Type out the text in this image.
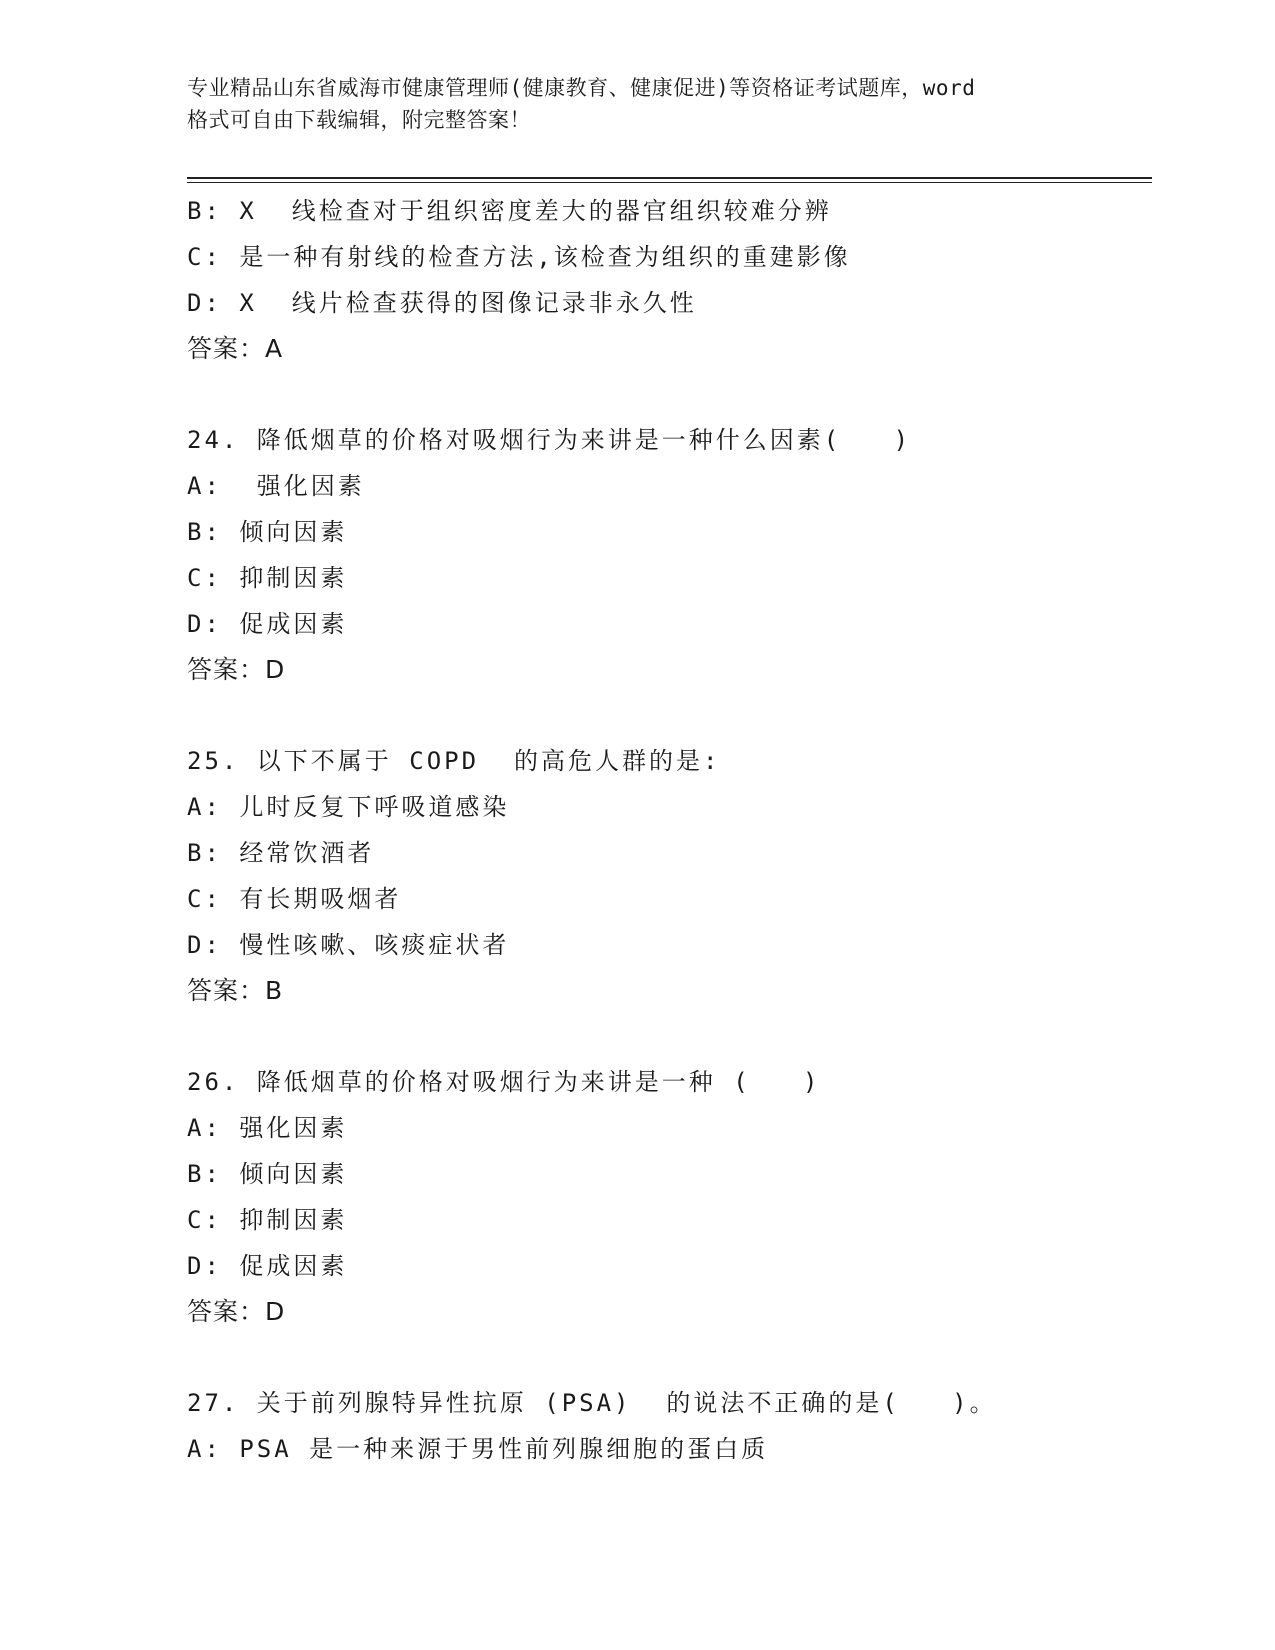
专业精品山东省威海市健康管理师(健康教育、健康促进)等资格证考试题库，word
格式可自由下载编辑，附完整答案！
B: X  线检查对于组织密度差大的器官组织较难分辨
C: 是一种有射线的检查方法,该检查为组织的重建影像
D: X  线片检查获得的图像记录非永久性
答案：A
24. 降低烟草的价格对吸烟行为来讲是一种什么因素(   )
A:  强化因素
B: 倾向因素
C: 抑制因素
D: 促成因素
答案：D
25. 以下不属于 COPD  的高危人群的是:
A: 儿时反复下呼吸道感染
B: 经常饮酒者
C: 有长期吸烟者
D: 慢性咳嗽、咳痰症状者
答案：B
26. 降低烟草的价格对吸烟行为来讲是一种 (   )
A: 强化因素
B: 倾向因素
C: 抑制因素
D: 促成因素
答案：D
27. 关于前列腺特异性抗原 (PSA)  的说法不正确的是(   )。
A: PSA 是一种来源于男性前列腺细胞的蛋白质
